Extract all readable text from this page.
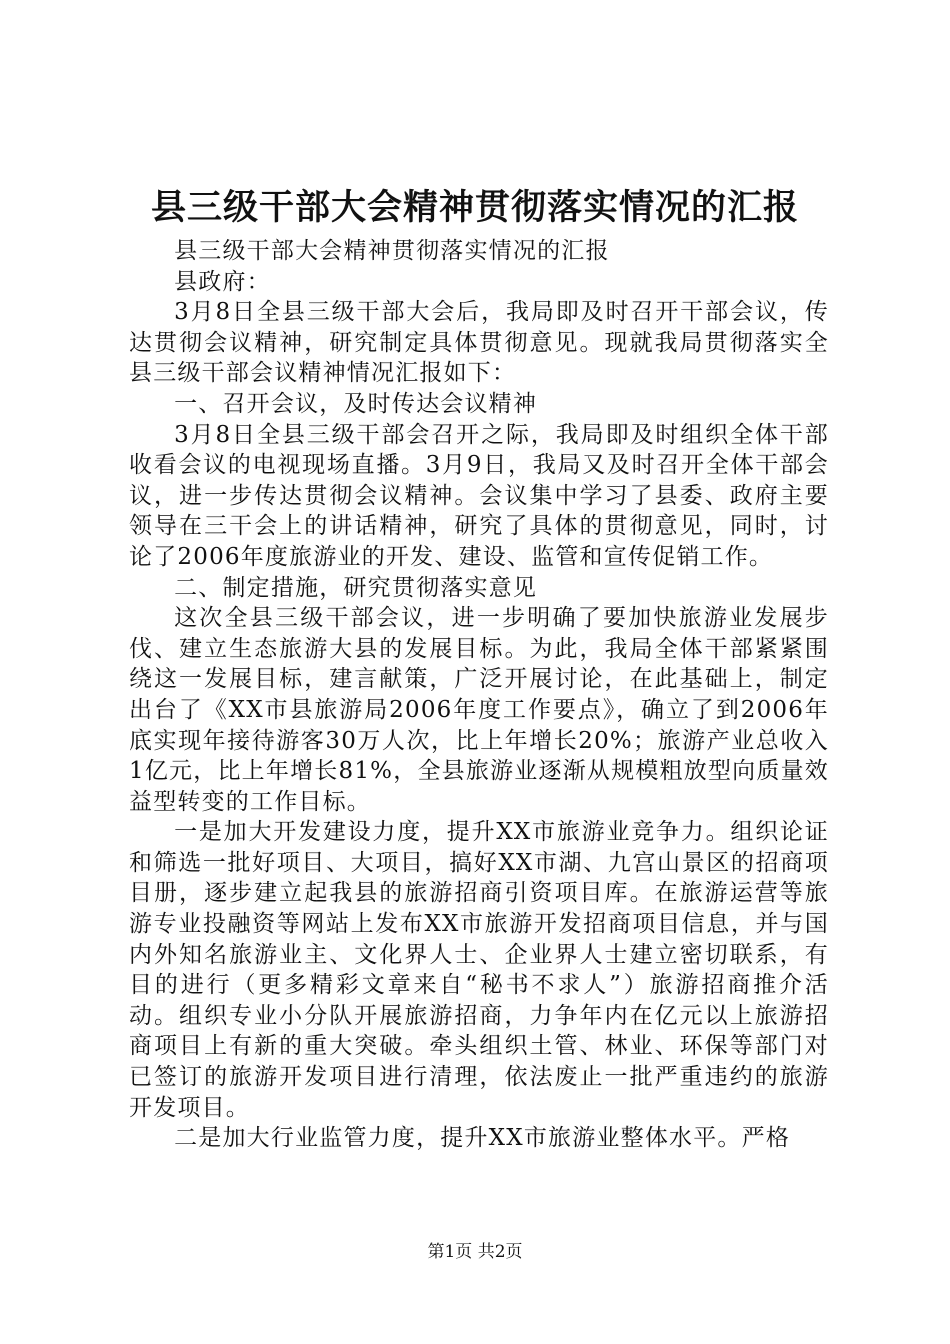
县三级干部大会精神贯彻落实情况的汇报

县三级干部大会精神贯彻落实情况的汇报

县政府：

3月8日全县三级干部大会后，我局即及时召开干部会议，传达贯彻会议精神，研究制定具体贯彻意见。现就我局贯彻落实全县三级干部会议精神情况汇报如下：

一、召开会议，及时传达会议精神

3月8日全县三级干部会召开之际，我局即及时组织全体干部收看会议的电视现场直播。3月9日，我局又及时召开全体干部会议，进一步传达贯彻会议精神。会议集中学习了县委、政府主要领导在三干会上的讲话精神，研究了具体的贯彻意见，同时，讨论了2006年度旅游业的开发、建设、监管和宣传促销工作。

二、制定措施，研究贯彻落实意见

这次全县三级干部会议，进一步明确了要加快旅游业发展步伐、建立生态旅游大县的发展目标。为此，我局全体干部紧紧围绕这一发展目标，建言献策，广泛开展讨论，在此基础上，制定出台了《XX市县旅游局2006年度工作要点》，确立了到2006年底实现年接待游客30万人次，比上年增长20%；旅游产业总收入1亿元，比上年增长81%，全县旅游业逐渐从规模粗放型向质量效益型转变的工作目标。

一是加大开发建设力度，提升XX市旅游业竞争力。组织论证和筛选一批好项目、大项目，搞好XX市湖、九宫山景区的招商项目册，逐步建立起我县的旅游招商引资项目库。在旅游运营等旅游专业投融资等网站上发布XX市旅游开发招商项目信息，并与国内外知名旅游业主、文化界人士、企业界人士建立密切联系，有目的进行（更多精彩文章来自“秘书不求人”）旅游招商推介活动。组织专业小分队开展旅游招商，力争年内在亿元以上旅游招商项目上有新的重大突破。牵头组织土管、林业、环保等部门对已签订的旅游开发项目进行清理，依法废止一批严重违约的旅游开发项目。

二是加大行业监管力度，提升XX市旅游业整体水平。严格

第1页 共2页
